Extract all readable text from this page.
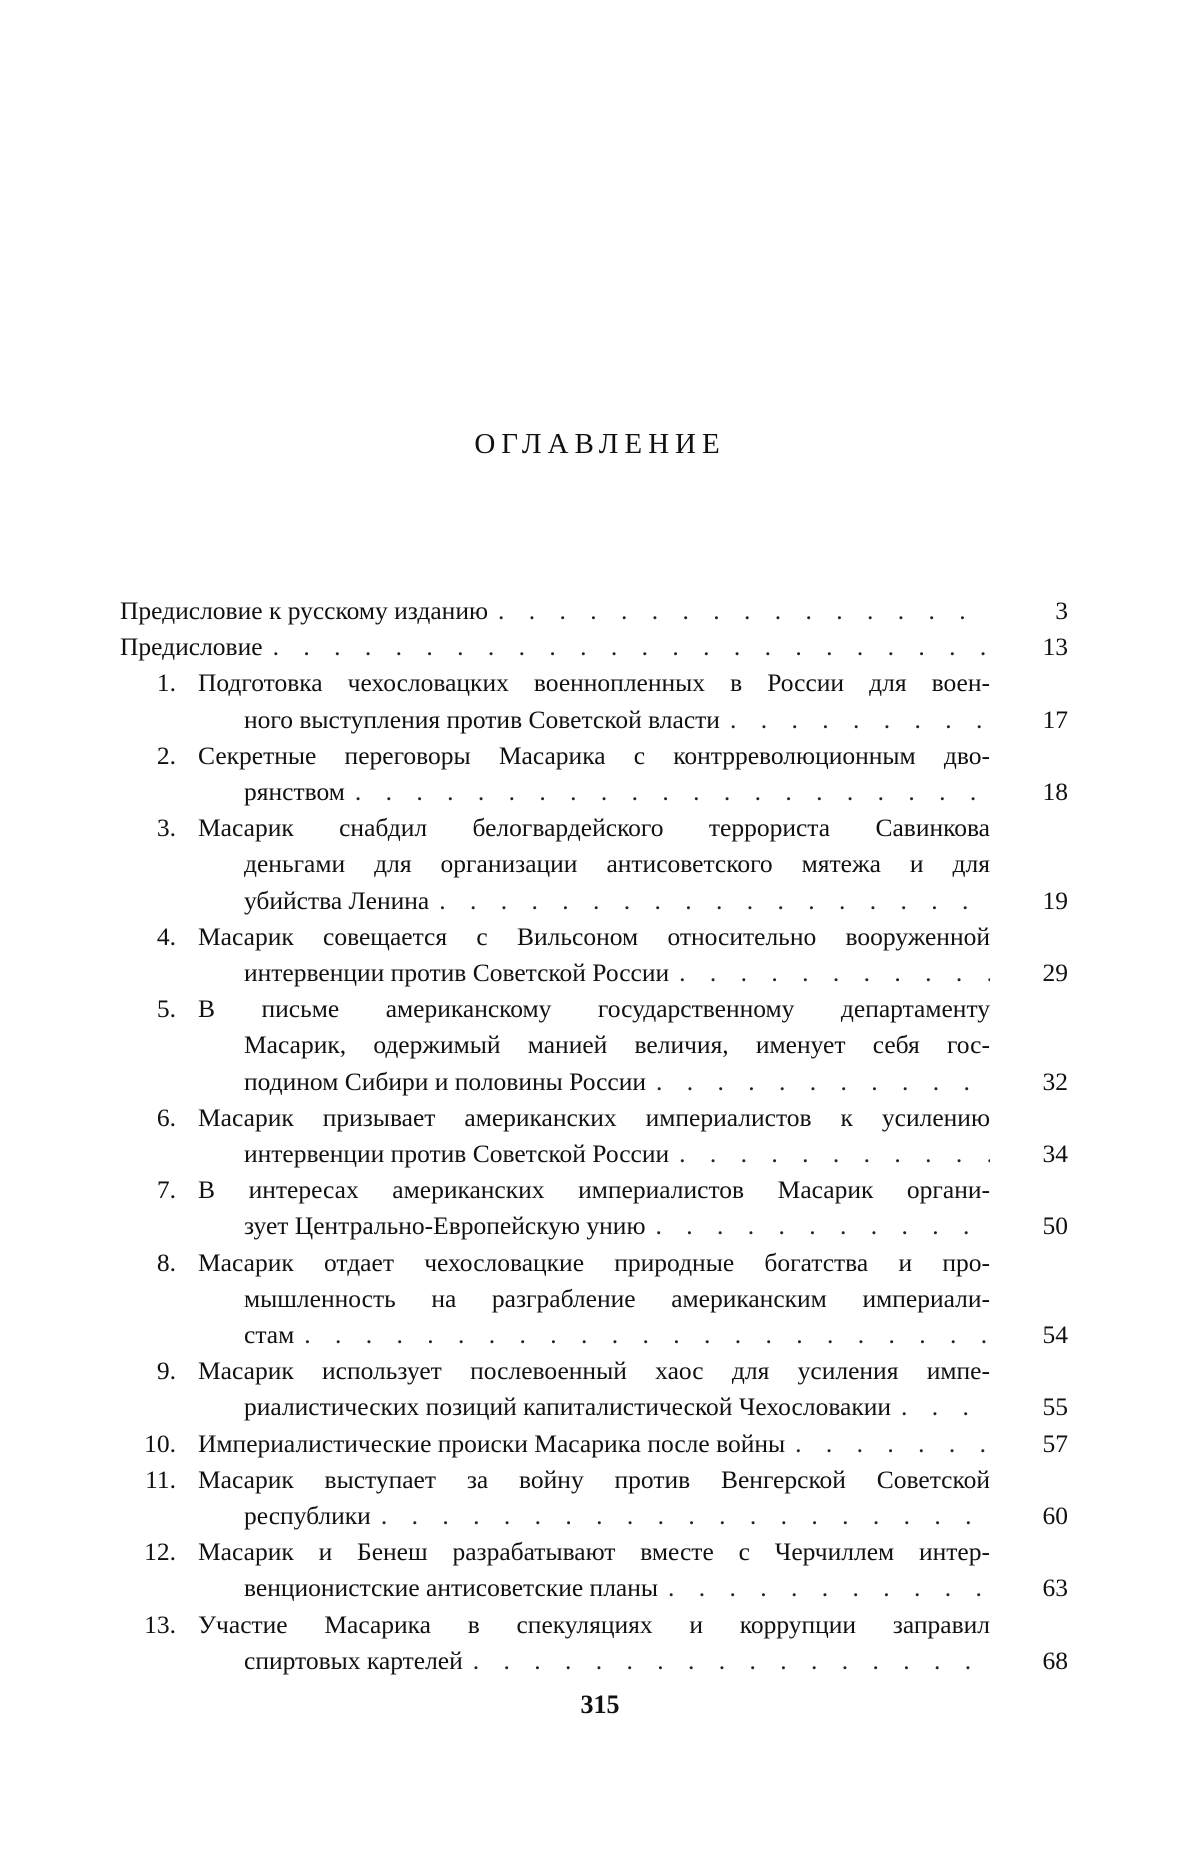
ОГЛАВЛЕНИЕ
Предисловие к русскому изданию
. . .	3
Предисловие
. . .	13
1. Подготовка чехословацких военнопленных в России для воен-
ного выступления против Советской власти
. . .	17
2. Секретные переговоры Масарика с контрреволюционным дво-
рянством
. . .	18
3. Масарик снабдил белогвардейского террориста Савинкова
деньгами для организации антисоветского мятежа и для
убийства Ленина
. . .	19
4. Масарик совещается с Вильсоном относительно вооруженной
интервенции против Советской России
. . .	29
5. В письме американскому государственному департаменту
Масарик, одержимый манией величия, именует себя гос-
подином Сибири и половины России
. . .	32
6. Масарик призывает американских империалистов к усилению
интервенции против Советской России
. . .	34
7. В интересах американских империалистов Масарик органи-
зует Центрально-Европейскую унию
. . .	50
8. Масарик отдает чехословацкие природные богатства и про-
мышленность на разграбление американским империали-
стам
. . .	54
9. Масарик использует послевоенный хаос для усиления импе-
риалистических позиций капиталистической Чехословакии
. . .	55
10. Империалистические происки Масарика после войны
. . .	57
11. Масарик выступает за войну против Венгерской Советской
республики
. . .	60
12. Масарик и Бенеш разрабатывают вместе с Черчиллем интер-
венционистские антисоветские планы
. . .	63
13. Участие Масарика в спекуляциях и коррупции заправил
спиртовых картелей
. . .	68
315
